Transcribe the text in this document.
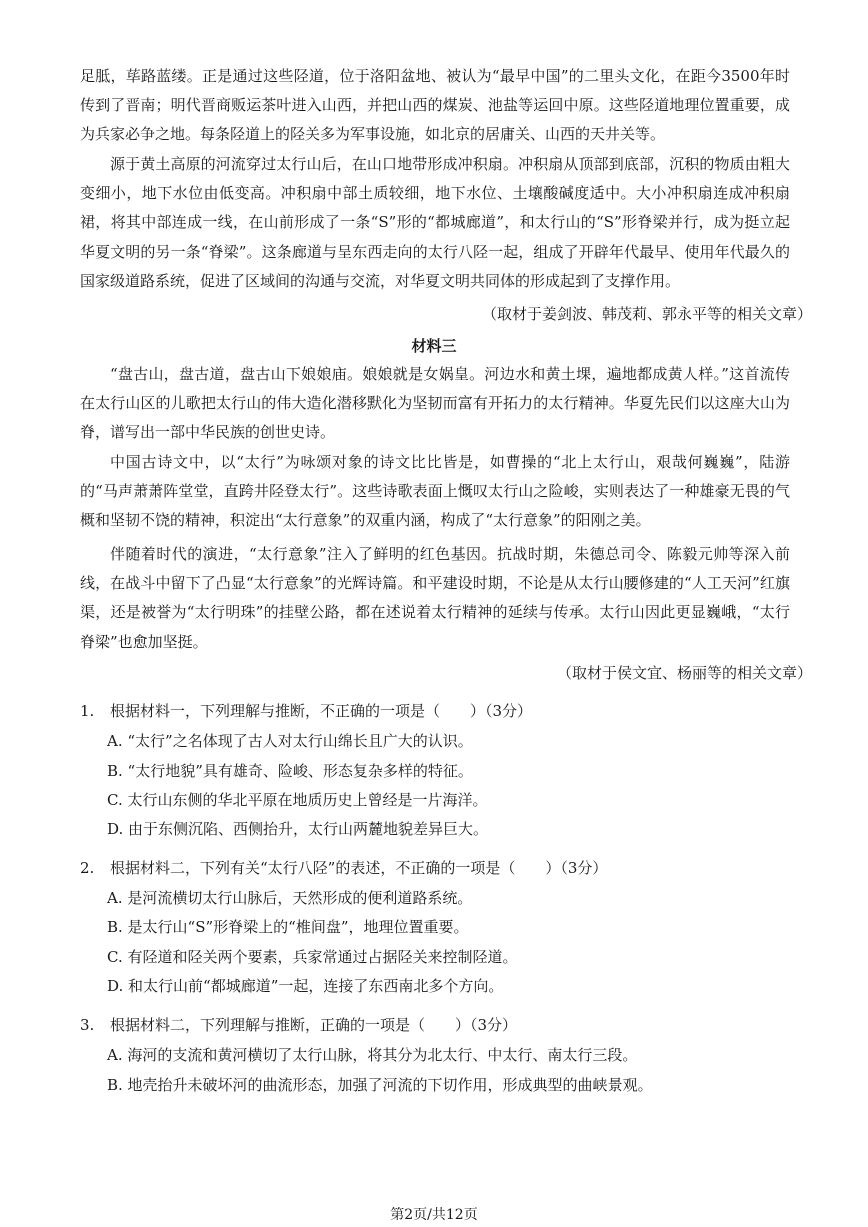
足胝，荜路蓝缕。正是通过这些陉道，位于洛阳盆地、被认为“最早中国”的二里头文化，在距今3500年时传到了晋南；明代晋商贩运茶叶进入山西，并把山西的煤炭、池盐等运回中原。这些陉道地理位置重要，成为兵家必争之地。每条陉道上的陉关多为军事设施，如北京的居庸关、山西的天井关等。

源于黄土高原的河流穿过太行山后，在山口地带形成冲积扇。冲积扇从顶部到底部，沉积的物质由粗大变细小，地下水位由低变高。冲积扇中部土质较细，地下水位、土壤酸碱度适中。大小冲积扇连成冲积扇裙，将其中部连成一线，在山前形成了一条“S”形的“都城廊道”，和太行山的“S”形脊梁并行，成为挺立起华夏文明的另一条“脊梁”。这条廊道与呈东西走向的太行八陉一起，组成了开辟年代最早、使用年代最久的国家级道路系统，促进了区域间的沟通与交流，对华夏文明共同体的形成起到了支撑作用。

（取材于姜剑波、韩茂莉、郭永平等的相关文章）

材料三

“盘古山，盘古道，盘古山下娘娘庙。娘娘就是女娲皇。河边水和黄土堁，遍地都成黄人样。”这首流传在太行山区的儿歌把太行山的伟大造化潜移默化为坚韧而富有开拓力的太行精神。华夏先民们以这座大山为脊，谱写出一部中华民族的创世史诗。

中国古诗文中，以“太行”为咏颂对象的诗文比比皆是，如曹操的“北上太行山，艰哉何巍巍”，陆游的“马声萧萧阵堂堂，直跨井陉登太行”。这些诗歌表面上慨叹太行山之险峻，实则表达了一种雄豪无畏的气概和坚韧不饶的精神，积淀出“太行意象”的双重内涵，构成了“太行意象”的阳刚之美。

伴随着时代的演进，“太行意象”注入了鲜明的红色基因。抗战时期，朱德总司令、陈毅元帅等深入前线，在战斗中留下了凸显“太行意象”的光辉诗篇。和平建设时期，不论是从太行山腰修建的“人工天河”红旗渠，还是被誉为“太行明珠”的挂壁公路，都在述说着太行精神的延续与传承。太行山因此更显巍峨，“太行脊梁”也愈加坚挺。

（取材于侯文宜、杨丽等的相关文章）

1. 根据材料一，下列理解与推断，不正确的一项是（　　）（3分）

A. “太行”之名体现了古人对太行山绵长且广大的认识。

B. “太行地貌”具有雄奇、险峻、形态复杂多样的特征。

C. 太行山东侧的华北平原在地质历史上曾经是一片海洋。

D. 由于东侧沉陷、西侧抬升，太行山两麓地貌差异巨大。

2. 根据材料二，下列有关“太行八陉”的表述，不正确的一项是（　　）（3分）

A. 是河流横切太行山脉后，天然形成的便利道路系统。

B. 是太行山“S”形脊梁上的“椎间盘”，地理位置重要。

C. 有陉道和陉关两个要素，兵家常通过占据陉关来控制陉道。

D. 和太行山前“都城廊道”一起，连接了东西南北多个方向。

3. 根据材料二，下列理解与推断，正确的一项是（　　）（3分）

A. 海河的支流和黄河横切了太行山脉，将其分为北太行、中太行、南太行三段。

B. 地壳抬升未破坏河的曲流形态，加强了河流的下切作用，形成典型的曲峡景观。

第2页/共12页
